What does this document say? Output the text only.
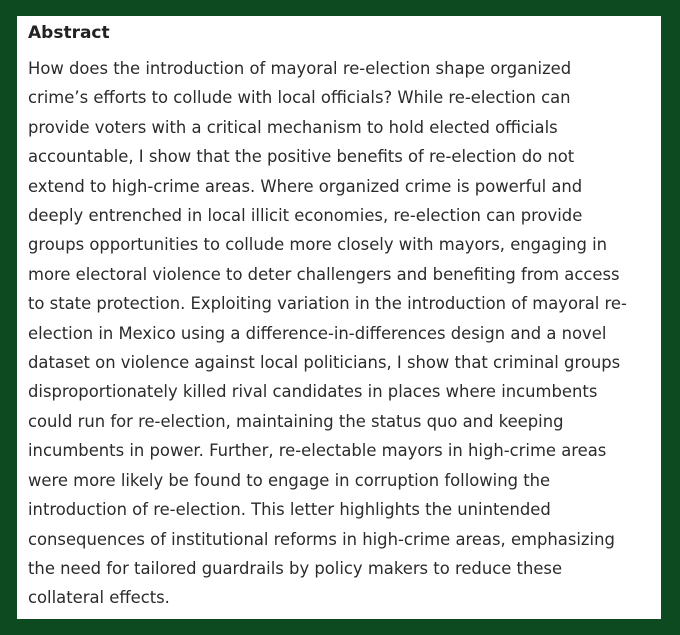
Abstract

How does the introduction of mayoral re-election shape organized
crime’s efforts to collude with local officials? While re-election can
provide voters with a critical mechanism to hold elected officials
accountable, I show that the positive benefits of re-election do not
extend to high-crime areas. Where organized crime is powerful and
deeply entrenched in local illicit economies, re-election can provide
groups opportunities to collude more closely with mayors, engaging in
more electoral violence to deter challengers and benefiting from access
to state protection. Exploiting variation in the introduction of mayoral re-
election in Mexico using a difference-in-differences design and a novel
dataset on violence against local politicians, I show that criminal groups
disproportionately killed rival candidates in places where incumbents
could run for re-election, maintaining the status quo and keeping
incumbents in power. Further, re-electable mayors in high-crime areas
were more likely be found to engage in corruption following the
introduction of re-election. This letter highlights the unintended
consequences of institutional reforms in high-crime areas, emphasizing
the need for tailored guardrails by policy makers to reduce these
collateral effects.
